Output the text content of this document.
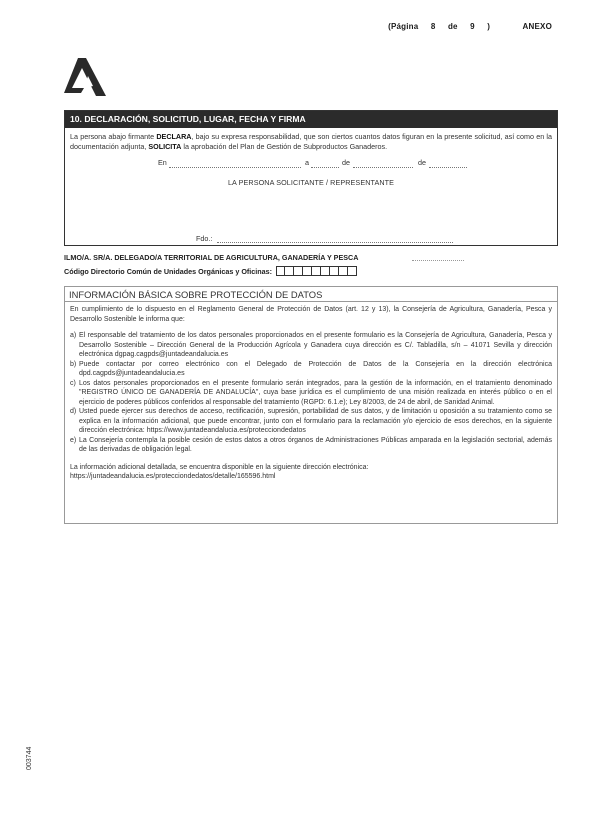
(Página 8 de 9 )	ANEXO
10. DECLARACIÓN, SOLICITUD, LUGAR, FECHA Y FIRMA
La persona abajo firmante DECLARA, bajo su expresa responsabilidad, que son ciertos cuantos datos figuran en la presente solicitud, así como en la documentación adjunta, SOLICITA la aprobación del Plan de Gestión de Subproductos Ganaderos.
En	a	de	de
LA PERSONA SOLICITANTE / REPRESENTANTE
Fdo.:
ILMO/A. SR/A. DELEGADO/A TERRITORIAL DE AGRICULTURA, GANADERÍA Y PESCA
Código Directorio Común de Unidades Orgánicas y Oficinas:
INFORMACIÓN BÁSICA SOBRE PROTECCIÓN DE DATOS

En cumplimiento de lo dispuesto en el Reglamento General de Protección de Datos (art. 12 y 13), la Consejería de Agricultura, Ganadería, Pesca y Desarrollo Sostenible le informa que:

a) El responsable del tratamiento de los datos personales proporcionados en el presente formulario es la Consejería de Agricultura, Ganadería, Pesca y Desarrollo Sostenible – Dirección General de la Producción Agrícola y Ganadera cuya dirección es C/. Tabladilla, s/n – 41071 Sevilla y dirección electrónica dgpag.cagpds@juntadeandalucia.es
b) Puede contactar por correo electrónico con el Delegado de Protección de Datos de la Consejería en la dirección electrónica dpd.cagpds@juntadeandalucia.es
c) Los datos personales proporcionados en el presente formulario serán integrados, para la gestión de la información, en el tratamiento denominado "REGISTRO ÚNICO DE GANADERÍA DE ANDALUCÍA", cuya base jurídica es el cumplimiento de una misión realizada en interés público o en el ejercicio de poderes públicos conferidos al responsable del tratamiento (RGPD: 6.1.e); Ley 8/2003, de 24 de abril, de Sanidad Animal.
d) Usted puede ejercer sus derechos de acceso, rectificación, supresión, portabilidad de sus datos, y de limitación u oposición a su tratamiento como se explica en la información adicional, que puede encontrar, junto con el formulario para la reclamación y/o ejercicio de esos derechos, en la siguiente dirección electrónica: https://www.juntadeandalucia.es/protecciondedatos
e) La Consejería contempla la posible cesión de estos datos a otros órganos de Administraciones Públicas amparada en la legislación sectorial, además de las derivadas de obligación legal.
La información adicional detallada, se encuentra disponible en la siguiente dirección electrónica:
https://juntadeandalucia.es/protecciondedatos/detalle/165596.html
003744
